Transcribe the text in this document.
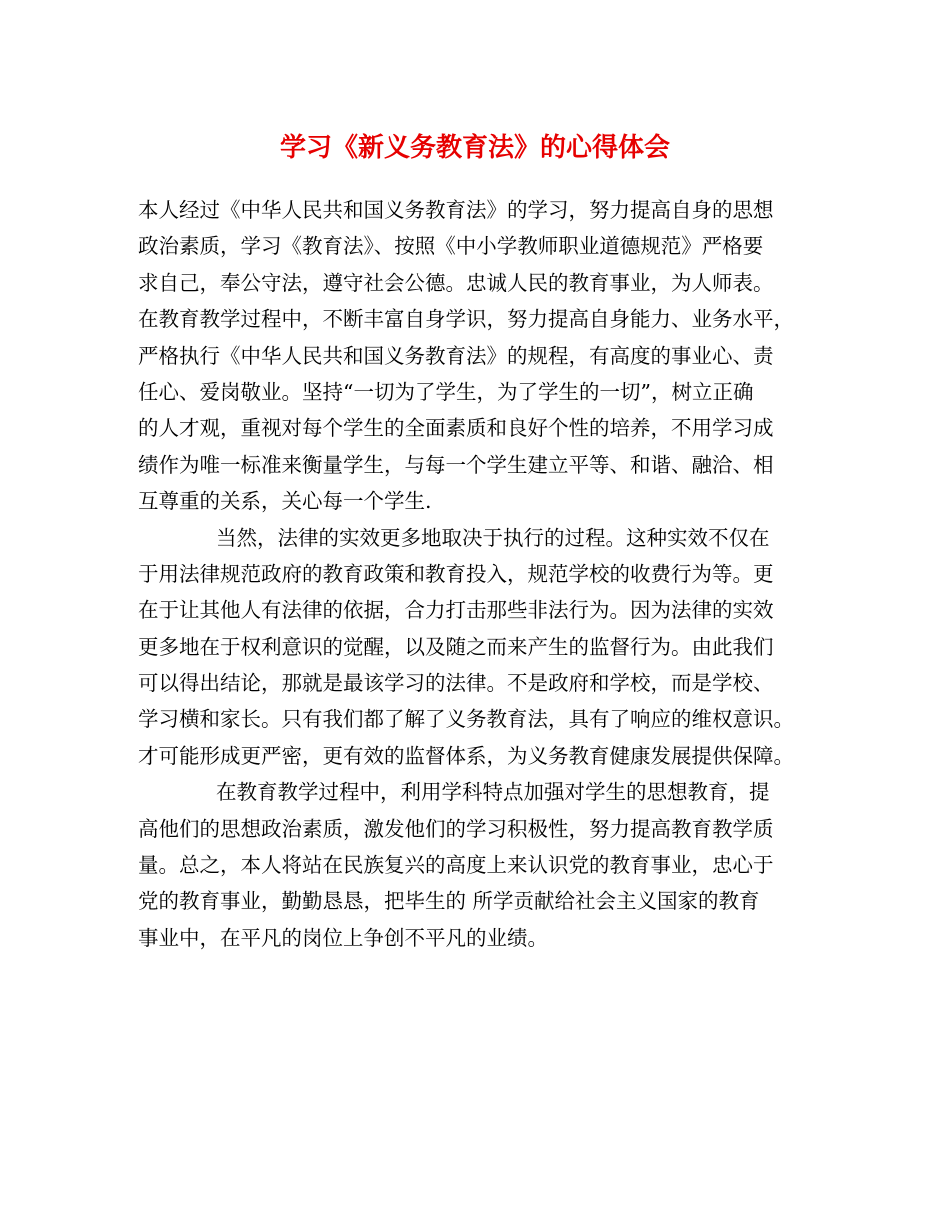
学习《新义务教育法》的心得体会

本人经过《中华人民共和国义务教育法》的学习，努力提高自身的思想

政治素质，学习《教育法》、按照《中小学教师职业道德规范》严格要

求自己，奉公守法，遵守社会公德。忠诚人民的教育事业，为人师表。

在教育教学过程中，不断丰富自身学识，努力提高自身能力、业务水平，

严格执行《中华人民共和国义务教育法》的规程，有高度的事业心、责

任心、爱岗敬业。坚持“一切为了学生，为了学生的一切”，树立正确

的人才观，重视对每个学生的全面素质和良好个性的培养，不用学习成

绩作为唯一标准来衡量学生，与每一个学生建立平等、和谐、融洽、相

互尊重的关系，关心每一个学生.

当然，法律的实效更多地取决于执行的过程。这种实效不仅在

于用法律规范政府的教育政策和教育投入，规范学校的收费行为等。更

在于让其他人有法律的依据，合力打击那些非法行为。因为法律的实效

更多地在于权利意识的觉醒，以及随之而来产生的监督行为。由此我们

可以得出结论，那就是最该学习的法律。不是政府和学校，而是学校、

学习横和家长。只有我们都了解了义务教育法，具有了响应的维权意识。

才可能形成更严密，更有效的监督体系，为义务教育健康发展提供保障。

在教育教学过程中，利用学科特点加强对学生的思想教育，提

高他们的思想政治素质，激发他们的学习积极性，努力提高教育教学质

量。总之，本人将站在民族复兴的高度上来认识党的教育事业，忠心于

党的教育事业，勤勤恳恳，把毕生的 所学贡献给社会主义国家的教育

事业中，在平凡的岗位上争创不平凡的业绩。
